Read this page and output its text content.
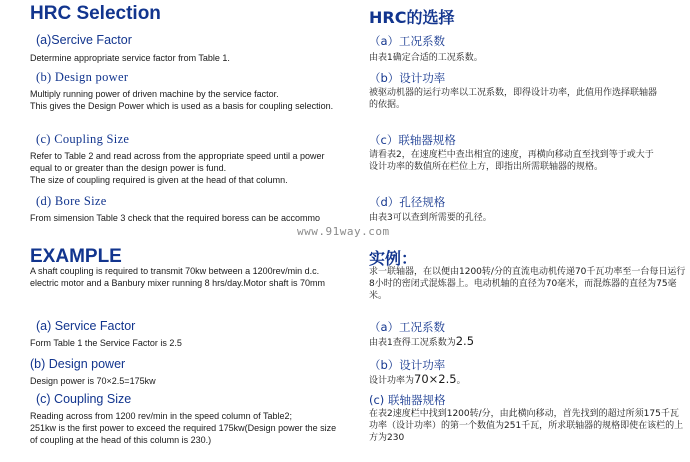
HRC Selection
(a)Sercive Factor
Determine appropriate service factor from Table 1.
(b) Design power
Multiply running power of driven machine by the service factor.
This gives the Design Power which is used as a basis for coupling selection.
(c) Coupling Size
Refer to Table 2 and read across from the appropriate speed until a power equal to or greater than the design power is fund.
The size of coupling required is given at the head of that column.
(d) Bore Size
From simension Table 3 check that the required boress can be accommo
EXAMPLE
A shaft coupling is required to transmit 70kw between a 1200rev/min d.c.
electric motor and a Banbury mixer running 8 hrs/day.Motor shaft is 70mm
(a) Service Factor
Form Table 1 the Service Factor is 2.5
(b) Design power
Design power is 70×2.5=175kw
(c) Coupling Size
Reading across from 1200 rev/min in the speed column of Table2;
251kw is the first power to exceed the required 175kw(Design power the size of coupling at the head of this column is 230.)
HRC的选择
（a）工况系数
由表1确定合适的工况系数。
（b）设计功率
被驱动机器的运行功率以工况系数，即得设计功率，此值用作选择联轴器
的依据。
（c）联轴器规格
请看表2，在速度栏中查出相宜的速度，再横向移动直至找到等于或大于
设计功率的数值所在栏位上方，即指出所需联轴器的规格。
（d）孔径规格
由表3可以查到所需要的孔径。
实例：
求一联轴器，在以便由1200转/分的直流电动机传递70千瓦功率至一台每日运行8小时的密闭式混炼器上。电动机轴的直径为70毫米，而混炼器的直径为75毫米。
（a）工况系数
由表1查得工况系数为2.5
（b）设计功率
设计功率为70×2.5。
(c) 联轴器规格
在表2速度栏中找到1200转/分，由此横向移动，首先找到的超过所须175千瓦功率（设计功率）的第一个数值为251千瓦，所求联轴器的规格即使在该栏的上方为230
www.91way.com
